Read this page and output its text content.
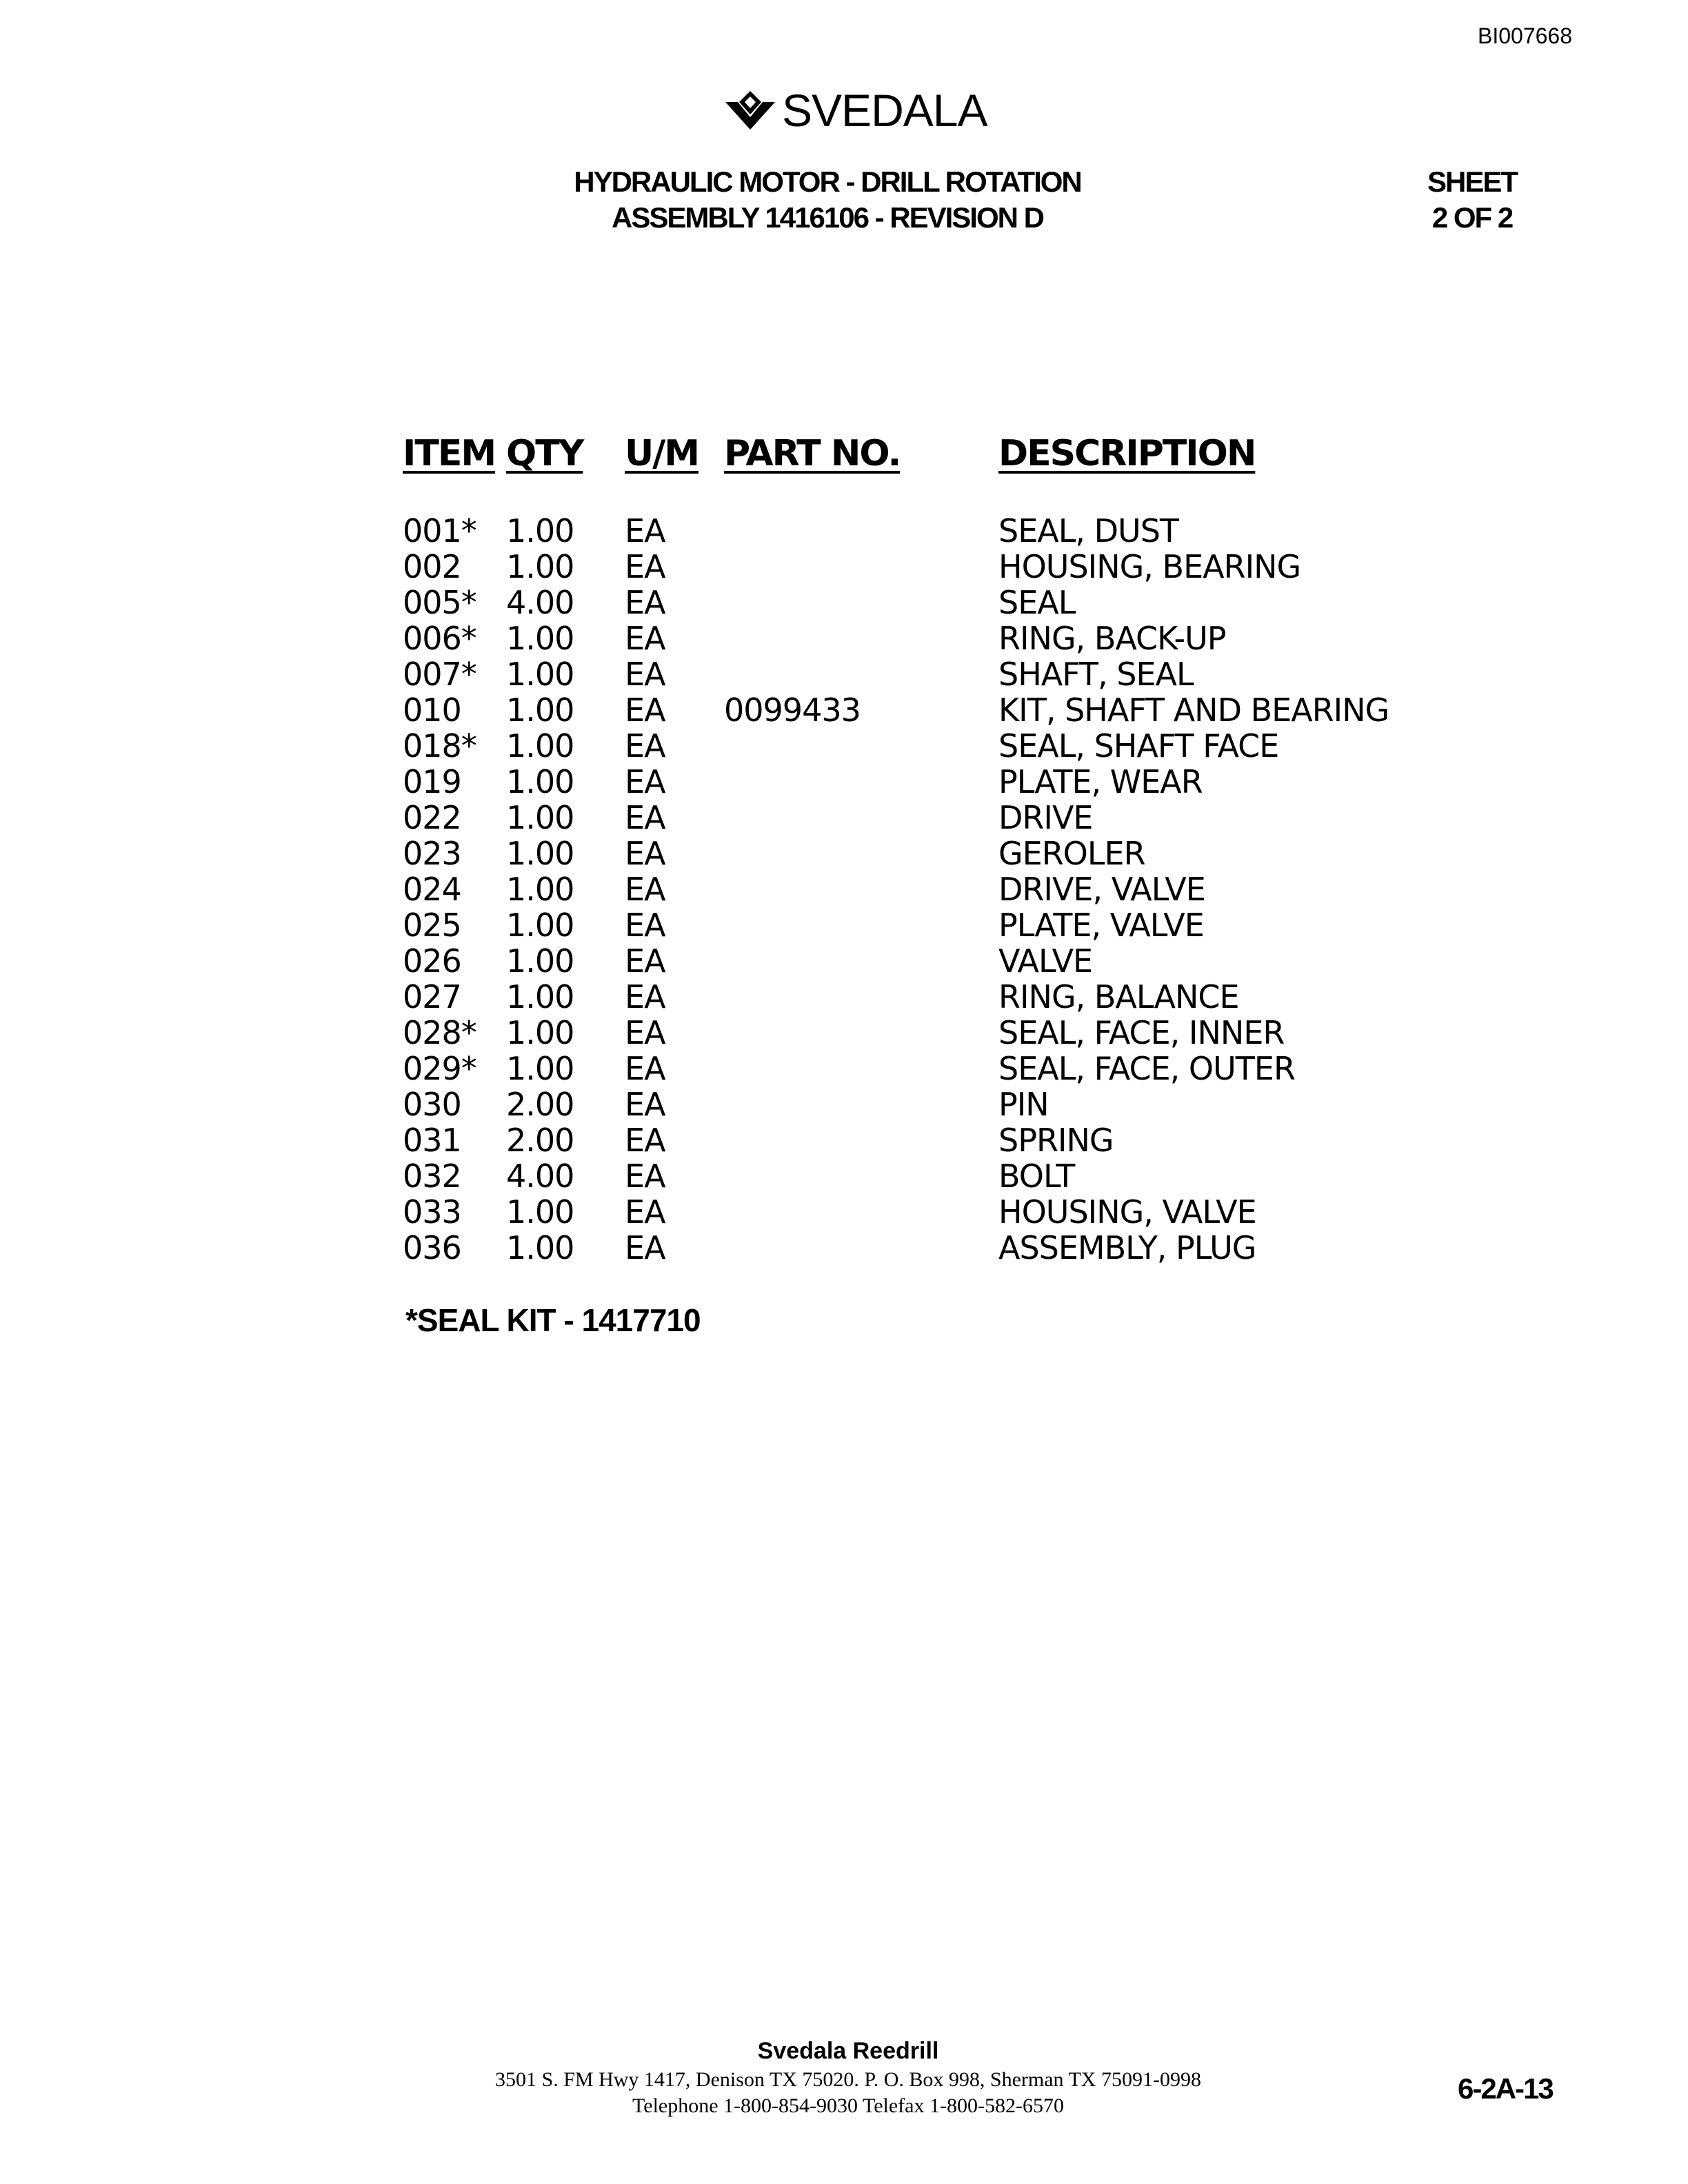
BI007668
SVEDALA
HYDRAULIC MOTOR - DRILL ROTATION
ASSEMBLY 1416106 - REVISION D
SHEET
2 OF 2
ITEM QTY U/M PART NO.	DESCRIPTION
001* 1.00 EA	SEAL, DUST
002 1.00 EA	HOUSING, BEARING
005* 4.00 EA	SEAL
006* 1.00 EA	RING, BACK-UP
007* 1.00 EA	SHAFT, SEAL
010 1.00 EA 0099433	KIT, SHAFT AND BEARING
018* 1.00 EA	SEAL, SHAFT FACE
019 1.00 EA	PLATE, WEAR
022 1.00 EA	DRIVE
023 1.00 EA	GEROLER
024 1.00 EA	DRIVE, VALVE
025 1.00 EA	PLATE, VALVE
026 1.00 EA	VALVE
027 1.00 EA	RING, BALANCE
028* 1.00 EA	SEAL, FACE, INNER
029* 1.00 EA	SEAL, FACE, OUTER
030 2.00 EA	PIN
031 2.00 EA	SPRING
032 4.00 EA	BOLT
033 1.00 EA	HOUSING, VALVE
036 1.00 EA	ASSEMBLY, PLUG
*SEAL KIT - 1417710
Svedala Reedrill
3501 S. FM Hwy 1417, Denison TX 75020. P. O. Box 998, Sherman TX 75091-0998
Telephone 1-800-854-9030 Telefax 1-800-582-6570
6-2A-13
